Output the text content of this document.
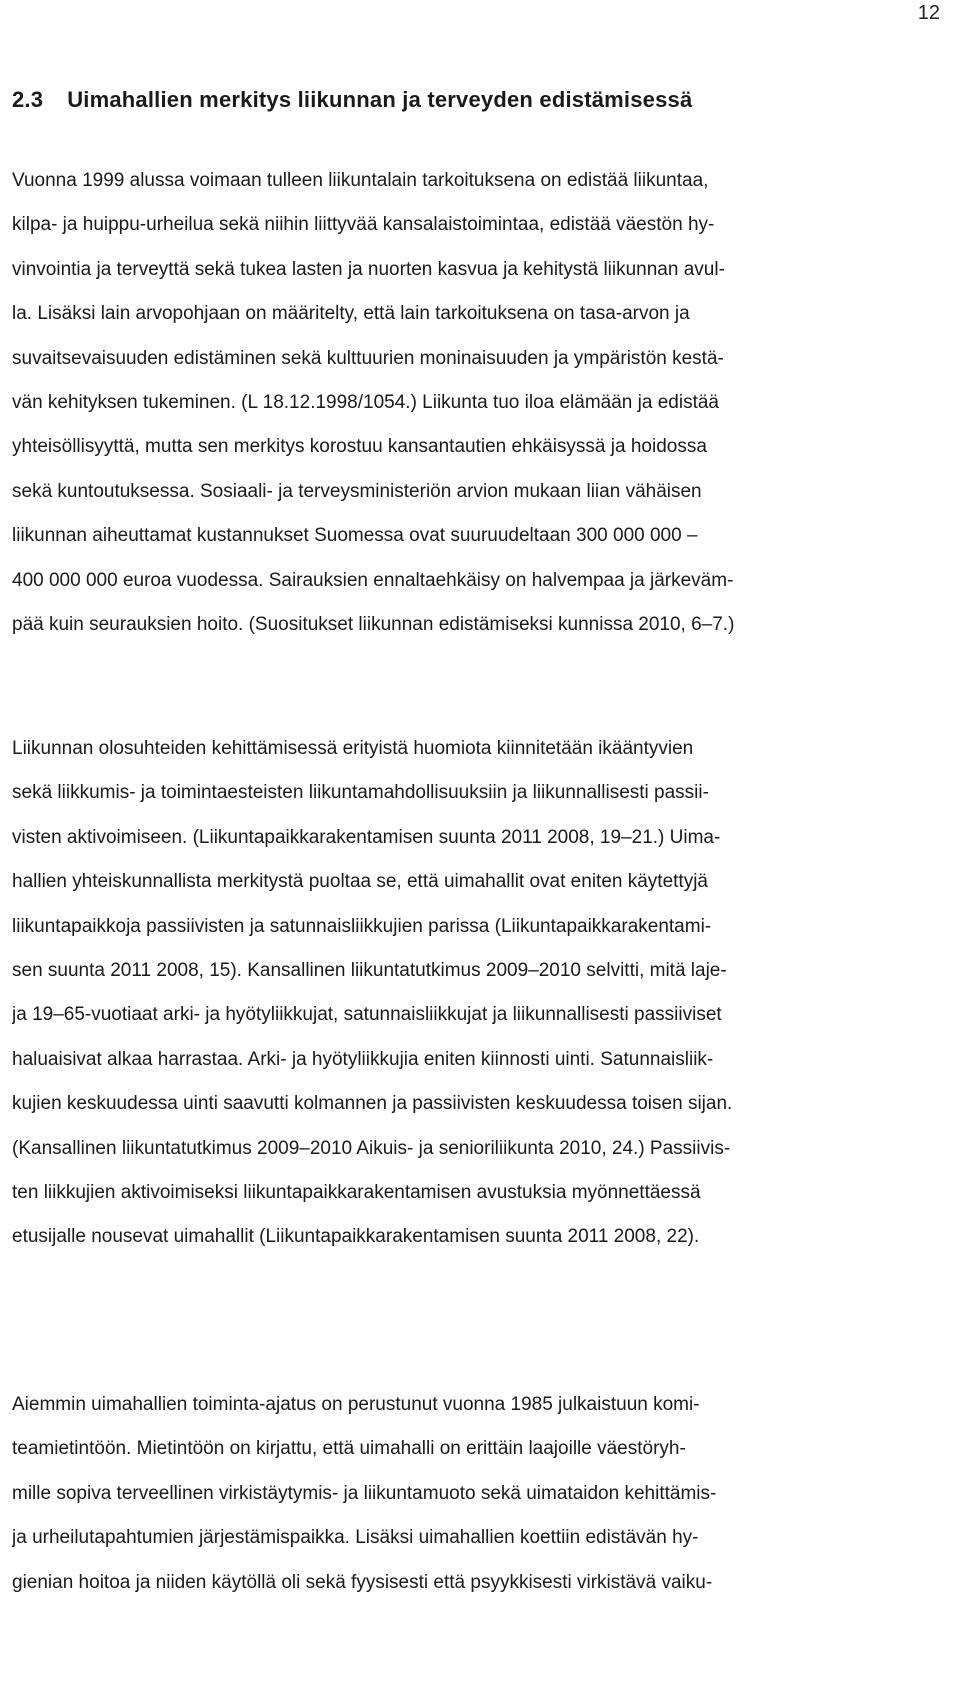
12
2.3 Uimahallien merkitys liikunnan ja terveyden edistämisessä
Vuonna 1999 alussa voimaan tulleen liikuntalain tarkoituksena on edistää liikuntaa,
kilpa- ja huippu-urheilua sekä niihin liittyvää kansalaistoimintaa, edistää väestön hy-
vinvointia ja terveyttä sekä tukea lasten ja nuorten kasvua ja kehitystä liikunnan avul-
la. Lisäksi lain arvopohjaan on määritelty, että lain tarkoituksena on tasa-arvon ja
suvaitsevaisuuden edistäminen sekä kulttuurien moninaisuuden ja ympäristön kestä-
vän kehityksen tukeminen. (L 18.12.1998/1054.) Liikunta tuo iloa elämään ja edistää
yhteisöllisyyttä, mutta sen merkitys korostuu kansantautien ehkäisyssä ja hoidossa
sekä kuntoutuksessa. Sosiaali- ja terveysministeriön arvion mukaan liian vähäisen
liikunnan aiheuttamat kustannukset Suomessa ovat suuruudeltaan 300 000 000 –
400 000 000 euroa vuodessa. Sairauksien ennaltaehkäisy on halvempaa ja järkeväm-
pää kuin seurauksien hoito. (Suositukset liikunnan edistämiseksi kunnissa 2010, 6–7.)
Liikunnan olosuhteiden kehittämisessä erityistä huomiota kiinnitetään ikääntyvien
sekä liikkumis- ja toimintaesteisten liikuntamahdollisuuksiin ja liikunnallisesti passii-
visten aktivoimiseen. (Liikuntapaikkarakentamisen suunta 2011 2008, 19–21.) Uima-
hallien yhteiskunnallista merkitystä puoltaa se, että uimahallit ovat eniten käytettyjä
liikuntapaikkoja passiivisten ja satunnaisliikkujien parissa (Liikuntapaikkarakentami-
sen suunta 2011 2008, 15). Kansallinen liikuntatutkimus 2009–2010 selvitti, mitä laje-
ja 19–65-vuotiaat arki- ja hyötyliikkujat, satunnaisliikkujat ja liikunnallisesti passiiviset
haluaisivat alkaa harrastaa. Arki- ja hyötyliikkujia eniten kiinnosti uinti. Satunnaisliik-
kujien keskuudessa uinti saavutti kolmannen ja passiivisten keskuudessa toisen sijan.
(Kansallinen liikuntatutkimus 2009–2010 Aikuis- ja senioriliikunta 2010, 24.) Passiivis-
ten liikkujien aktivoimiseksi liikuntapaikkarakentamisen avustuksia myönnettäessä
etusijalle nousevat uimahallit (Liikuntapaikkarakentamisen suunta 2011 2008, 22).
Aiemmin uimahallien toiminta-ajatus on perustunut vuonna 1985 julkaistuun komi-
teamietintöön. Mietintöön on kirjattu, että uimahalli on erittäin laajoille väestöryh-
mille sopiva terveellinen virkistäytymis- ja liikuntamuoto sekä uimataidon kehittämis-
ja urheilutapahtumien järjestämispaikka. Lisäksi uimahallien koettiin edistävän hy-
gienian hoitoa ja niiden käytöllä oli sekä fyysisesti että psyykkisesti virkistävä vaiku-
